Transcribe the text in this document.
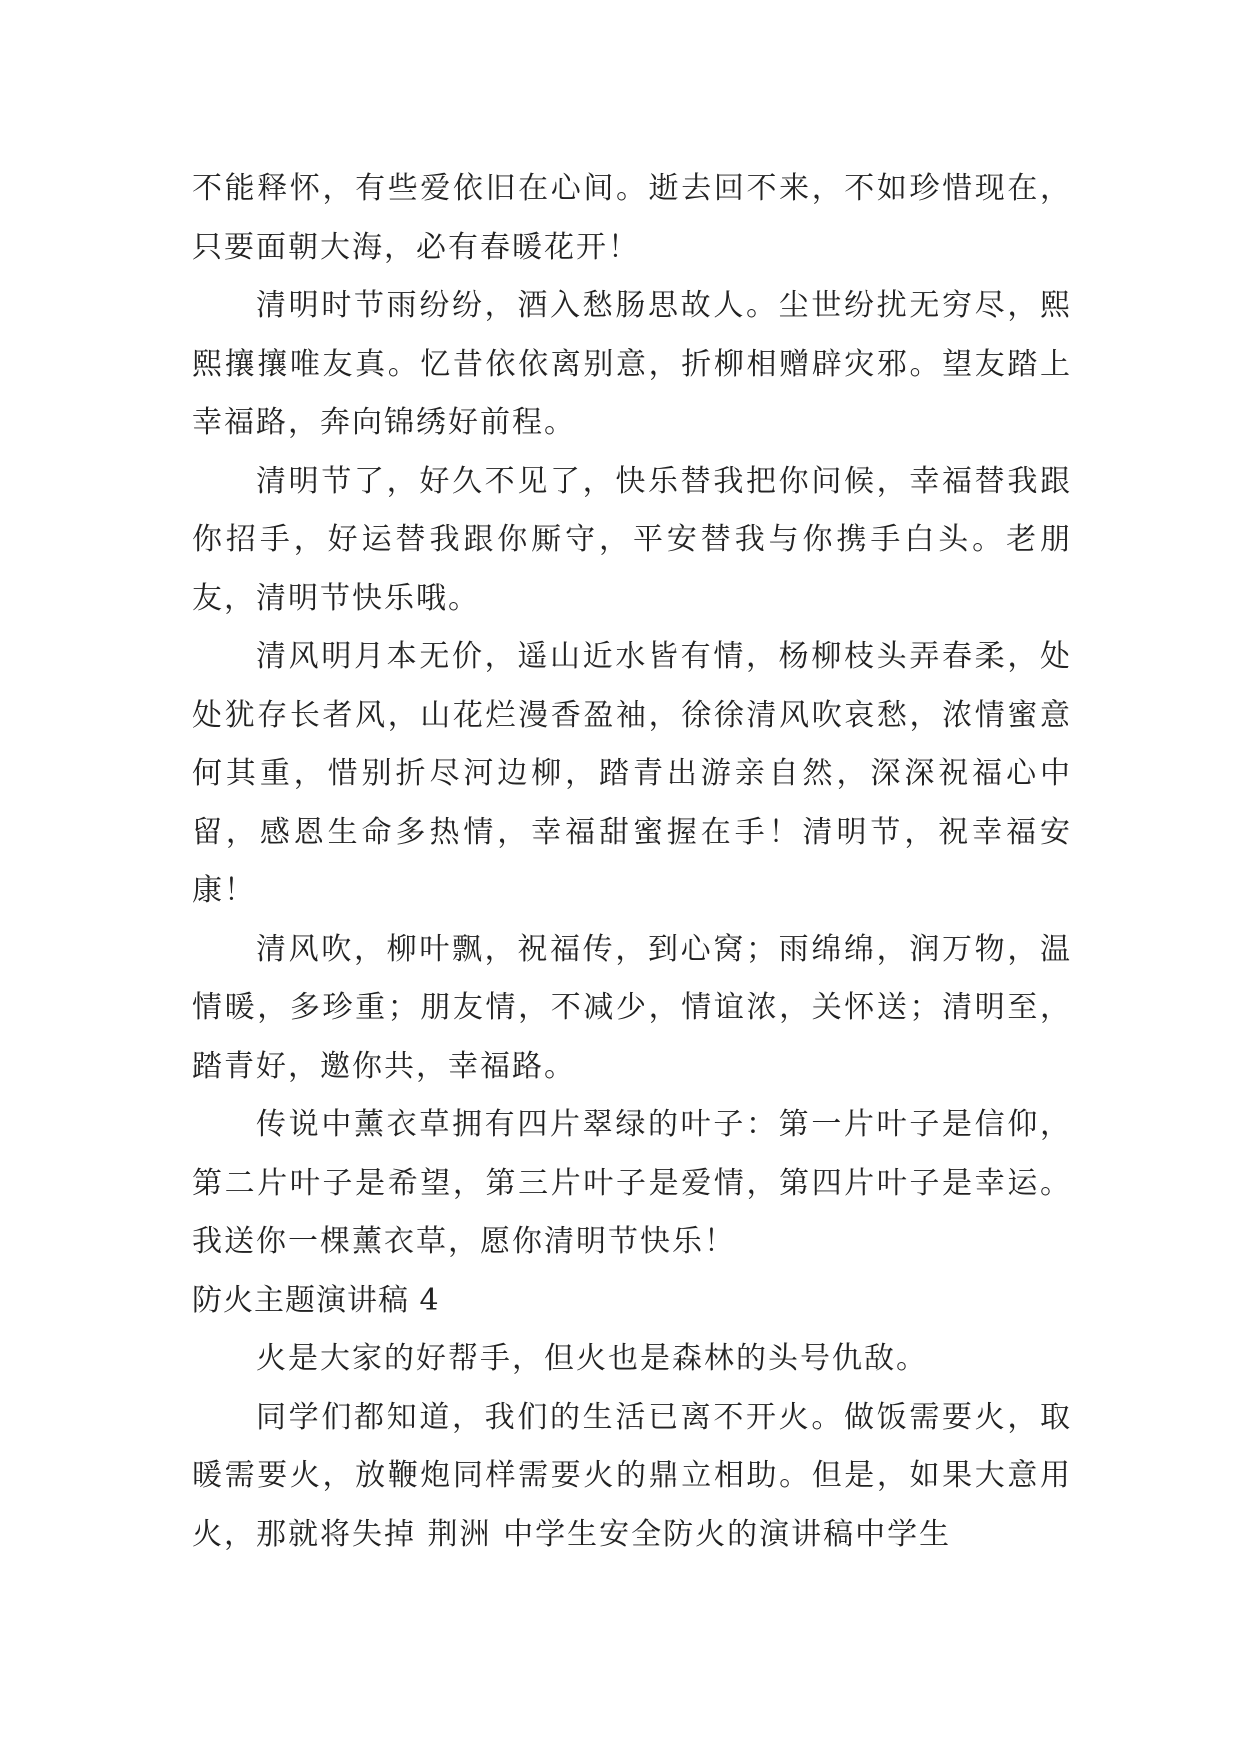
不能释怀，有些爱依旧在心间。逝去回不来，不如珍惜现在，只要面朝大海，必有春暖花开！

清明时节雨纷纷，酒入愁肠思故人。尘世纷扰无穷尽，熙熙攘攘唯友真。忆昔依依离别意，折柳相赠辟灾邪。望友踏上幸福路，奔向锦绣好前程。

清明节了，好久不见了，快乐替我把你问候，幸福替我跟你招手，好运替我跟你厮守，平安替我与你携手白头。老朋友，清明节快乐哦。

清风明月本无价，遥山近水皆有情，杨柳枝头弄春柔，处处犹存长者风，山花烂漫香盈袖，徐徐清风吹哀愁，浓情蜜意何其重，惜别折尽河边柳，踏青出游亲自然，深深祝福心中留，感恩生命多热情，幸福甜蜜握在手！清明节，祝幸福安康！

清风吹，柳叶飘，祝福传，到心窝；雨绵绵，润万物，温情暖，多珍重；朋友情，不减少，情谊浓，关怀送；清明至，踏青好，邀你共，幸福路。

传说中薰衣草拥有四片翠绿的叶子：第一片叶子是信仰，第二片叶子是希望，第三片叶子是爱情，第四片叶子是幸运。我送你一棵薰衣草，愿你清明节快乐！

防火主题演讲稿 4

火是大家的好帮手，但火也是森林的头号仇敌。

同学们都知道，我们的生活已离不开火。做饭需要火，取暖需要火，放鞭炮同样需要火的鼎立相助。但是，如果大意用火，那就将失掉 荆洲 中学生安全防火的演讲稿中学生
